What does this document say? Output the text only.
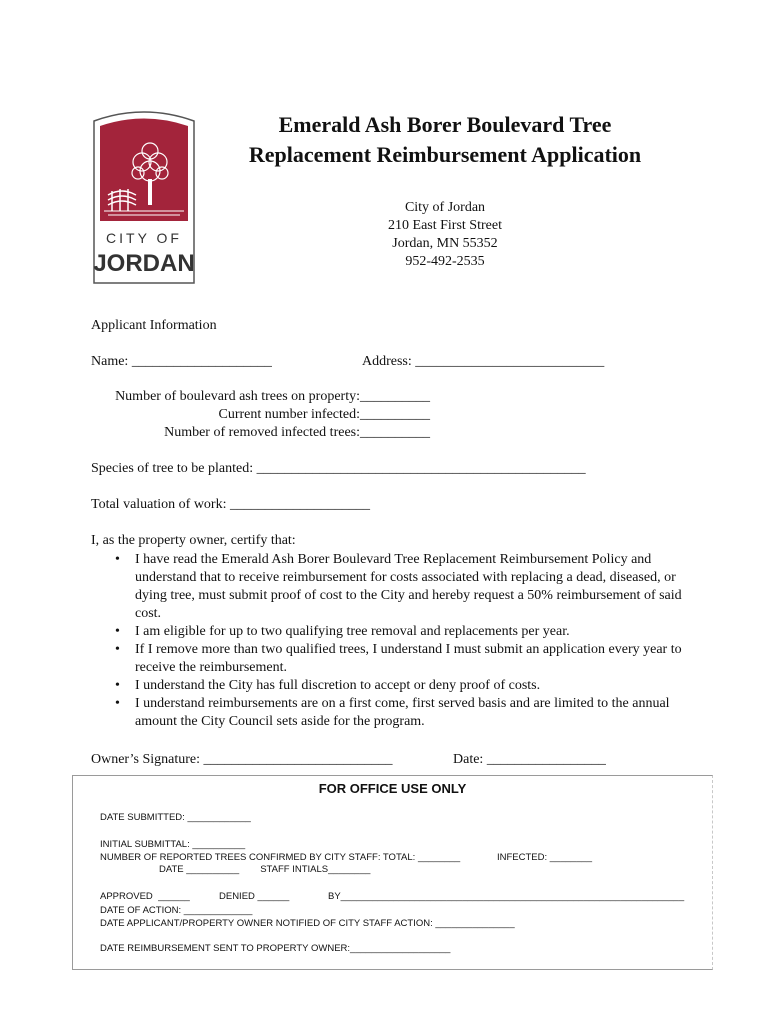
CITY OF
JORDAN
Emerald Ash Borer Boulevard Tree
Replacement Reimbursement Application
City of Jordan
210 East First Street
Jordan, MN 55352
952-492-2535
Applicant Information
Name: ____________________	Address: ___________________________
Number of boulevard ash trees on property:__________
Current number infected:__________
Number of removed infected trees:__________
Species of tree to be planted: _______________________________________________
Total valuation of work: ____________________
I, as the property owner, certify that:
• I have read the Emerald Ash Borer Boulevard Tree Replacement Reimbursement Policy and understand that to receive reimbursement for costs associated with replacing a dead, diseased, or dying tree, must submit proof of cost to the City and hereby request a 50% reimbursement of said cost.
• I am eligible for up to two qualifying tree removal and replacements per year.
• If I remove more than two qualified trees, I understand I must submit an application every year to receive the reimbursement.
• I understand the City has full discretion to accept or deny proof of costs.
• I understand reimbursements are on a first come, first served basis and are limited to the annual amount the City Council sets aside for the program.
Owner’s Signature: ___________________________	Date: _________________
FOR OFFICE USE ONLY
DATE SUBMITTED: ____________
INITIAL SUBMITTAL: __________
NUMBER OF REPORTED TREES CONFIRMED BY CITY STAFF: TOTAL: ________	INFECTED: ________
DATE __________        STAFF INTIALS________
APPROVED  ______	DENIED ______	BY_________________________________________________________________
DATE OF ACTION: _____________
DATE APPLICANT/PROPERTY OWNER NOTIFIED OF CITY STAFF ACTION: _______________
DATE REIMBURSEMENT SENT TO PROPERTY OWNER:___________________
